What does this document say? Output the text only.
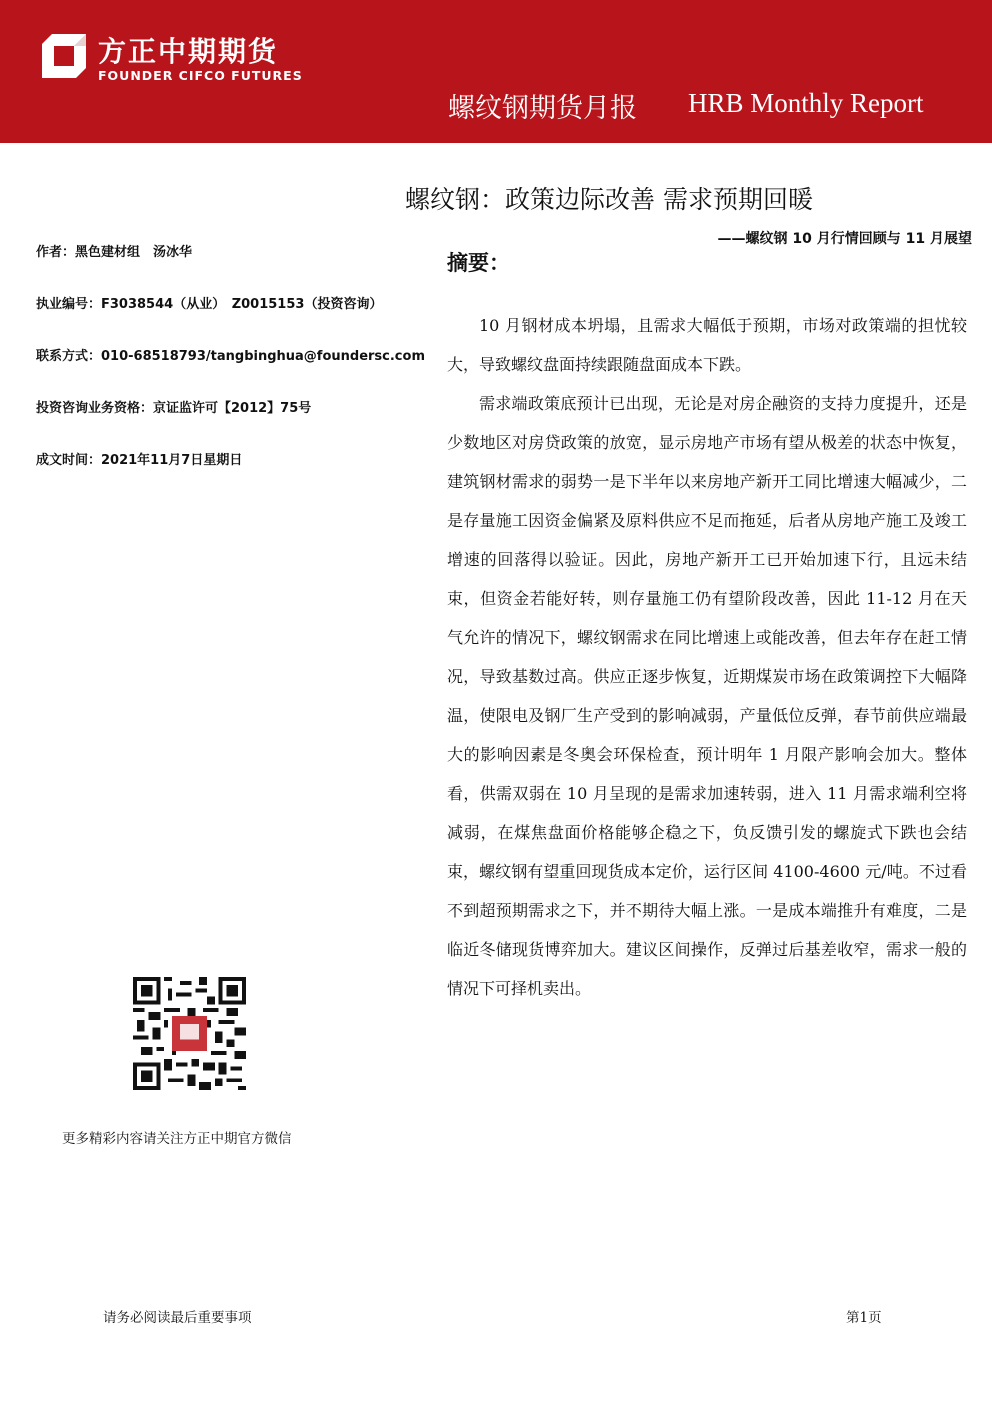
方正中期期货
FOUNDER CIFCO FUTURES
螺纹钢期货月报 HRB Monthly Report
螺纹钢：政策边际改善 需求预期回暖
——螺纹钢 10 月行情回顾与 11 月展望
作者：黑色建材组　汤冰华
执业编号：F3038544（从业）　Z0015153（投资咨询）
联系方式：010-68518793/tangbinghua@foundersc.com
投资咨询业务资格：京证监许可【2012】75号
成文时间：2021年11月7日星期日
摘要：

10 月钢材成本坍塌，且需求大幅低于预期，市场对政策端的担忧较大，导致螺纹盘面持续跟随盘面成本下跌。

需求端政策底预计已出现，无论是对房企融资的支持力度提升，还是少数地区对房贷政策的放宽，显示房地产市场有望从极差的状态中恢复，建筑钢材需求的弱势一是下半年以来房地产新开工同比增速大幅减少，二是存量施工因资金偏紧及原料供应不足而拖延，后者从房地产施工及竣工增速的回落得以验证。因此，房地产新开工已开始加速下行，且远未结束，但资金若能好转，则存量施工仍有望阶段改善，因此 11-12 月在天气允许的情况下，螺纹钢需求在同比增速上或能改善，但去年存在赶工情况，导致基数过高。供应正逐步恢复，近期煤炭市场在政策调控下大幅降温，使限电及钢厂生产受到的影响减弱，产量低位反弹，春节前供应端最大的影响因素是冬奥会环保检查，预计明年 1 月限产影响会加大。整体看，供需双弱在 10 月呈现的是需求加速转弱，进入 11 月需求端利空将减弱，在煤焦盘面价格能够企稳之下，负反馈引发的螺旋式下跌也会结束，螺纹钢有望重回现货成本定价，运行区间 4100-4600 元/吨。不过看不到超预期需求之下，并不期待大幅上涨。一是成本端推升有难度，二是临近冬储现货博弈加大。建议区间操作，反弹过后基差收窄，需求一般的情况下可择机卖出。

更多精彩内容请关注方正中期官方微信
请务必阅读最后重要事项	第1页
